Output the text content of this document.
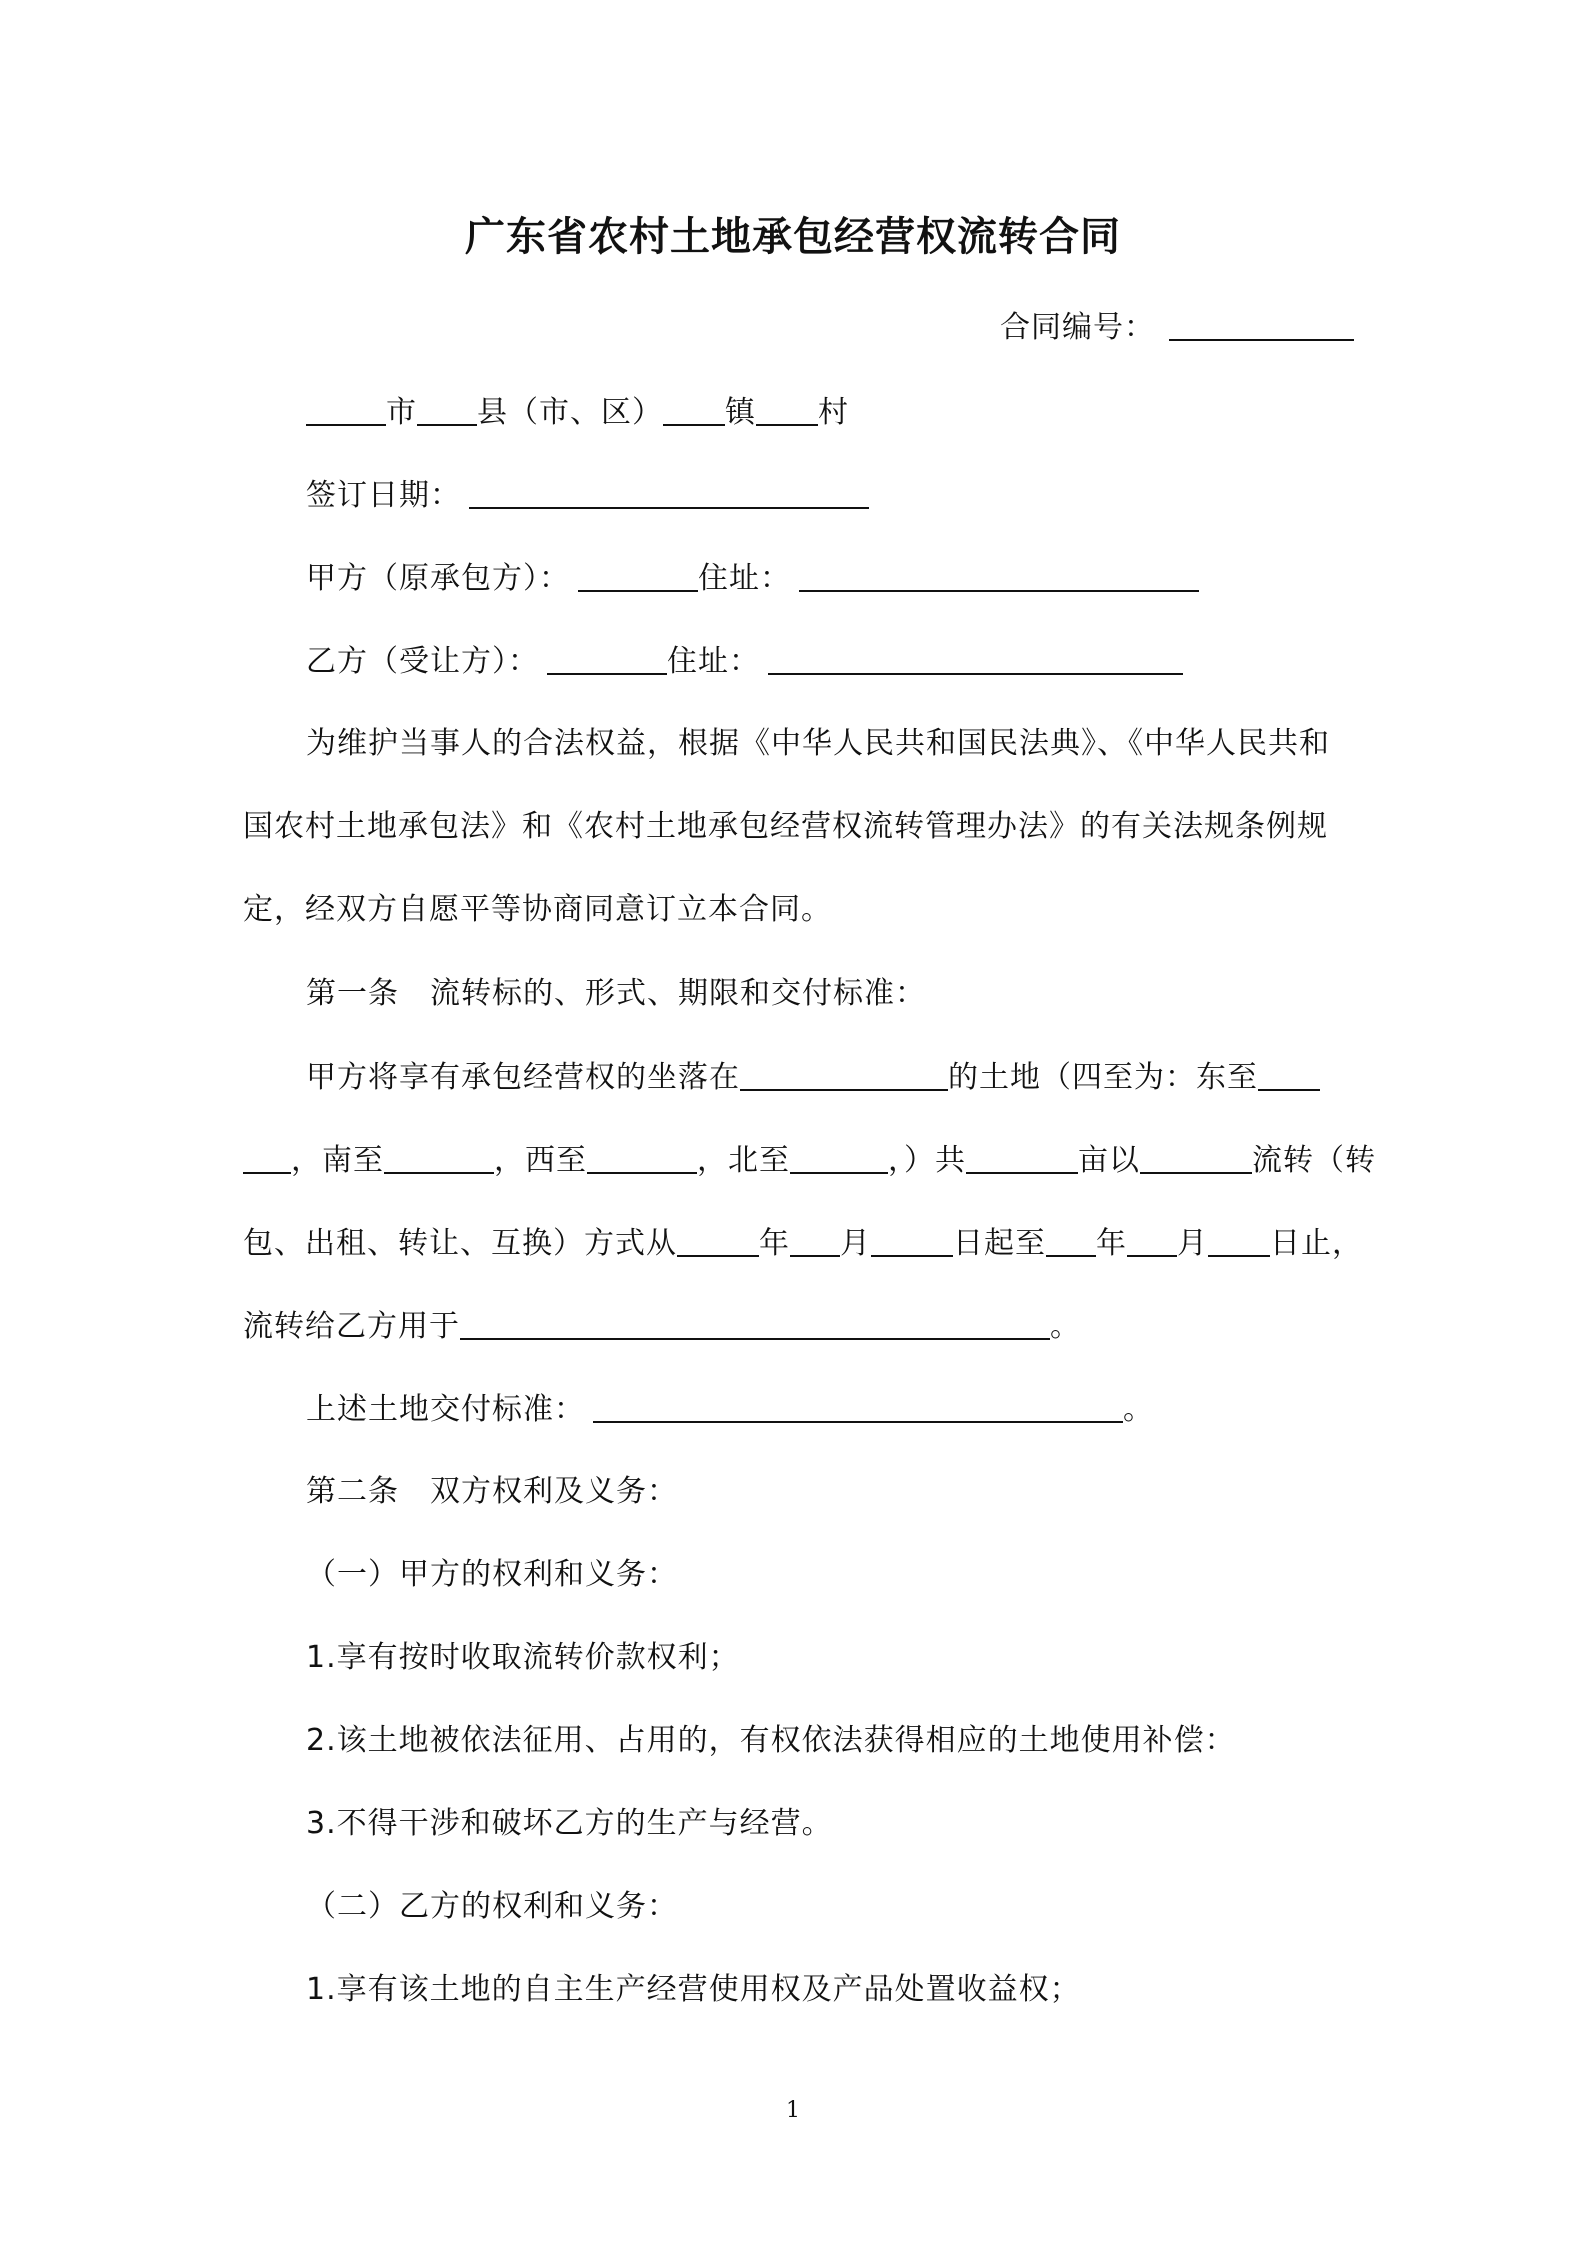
广东省农村土地承包经营权流转合同
合同编号：
市 县（市、区） 镇 村
签订日期：
甲方（原承包方）：	住址：
乙方（受让方）：	住址：
为维护当事人的合法权益，根据《中华人民共和国民法典》、《中华人民共和
国农村土地承包法》和《农村土地承包经营权流转管理办法》的有关法规条例规
定，经双方自愿平等协商同意订立本合同。
第一条　流转标的、形式、期限和交付标准：
甲方将享有承包经营权的坐落在	的土地（四至为：东至
，南至	，西至	，北至	，）共	亩以	流转（转
包、出租、转让、互换）方式从	年 月	日起至 年 月 日止，
流转给乙方用于	。
上述土地交付标准：	。
第二条　双方权利及义务：
（一）甲方的权利和义务：
1.享有按时收取流转价款权利；
2.该土地被依法征用、占用的，有权依法获得相应的土地使用补偿：
3.不得干涉和破坏乙方的生产与经营。
（二）乙方的权利和义务：
1.享有该土地的自主生产经营使用权及产品处置收益权；
1
